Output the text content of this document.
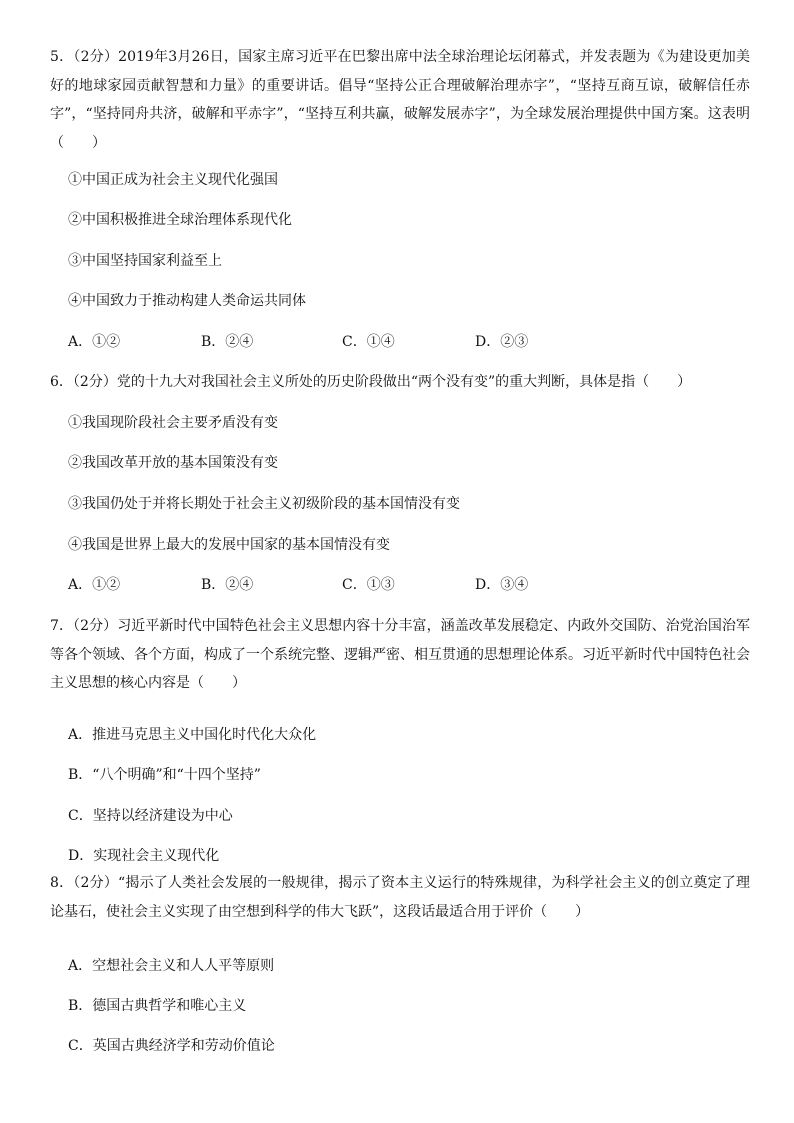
5．（2分）2019年3月26日，国家主席习近平在巴黎出席中法全球治理论坛闭幕式，并发表题为《为建设更加美好的地球家园贡献智慧和力量》的重要讲话。倡导“坚持公正合理破解治理赤字”，“坚持互商互谅，破解信任赤字”，“坚持同舟共济，破解和平赤字”，“坚持互利共赢，破解发展赤字”，为全球发展治理提供中国方案。这表明（　　）

①中国正成为社会主义现代化强国

②中国积极推进全球治理体系现代化

③中国坚持国家利益至上

④中国致力于推动构建人类命运共同体

A．①②	B．②④	C．①④	D．②③

6．（2分）党的十九大对我国社会主义所处的历史阶段做出“两个没有变”的重大判断，具体是指（　　）

①我国现阶段社会主要矛盾没有变

②我国改革开放的基本国策没有变

③我国仍处于并将长期处于社会主义初级阶段的基本国情没有变

④我国是世界上最大的发展中国家的基本国情没有变

A．①②	B．②④	C．①③	D．③④

7．（2分）习近平新时代中国特色社会主义思想内容十分丰富，涵盖改革发展稳定、内政外交国防、治党治国治军等各个领域、各个方面，构成了一个系统完整、逻辑严密、相互贯通的思想理论体系。习近平新时代中国特色社会主义思想的核心内容是（　　）

A．推进马克思主义中国化时代化大众化

B．“八个明确”和“十四个坚持”

C．坚持以经济建设为中心

D．实现社会主义现代化

8．（2分）“揭示了人类社会发展的一般规律，揭示了资本主义运行的特殊规律，为科学社会主义的创立奠定了理论基石，使社会主义实现了由空想到科学的伟大飞跃”，这段话最适合用于评价（　　）

A．空想社会主义和人人平等原则

B．德国古典哲学和唯心主义

C．英国古典经济学和劳动价值论
